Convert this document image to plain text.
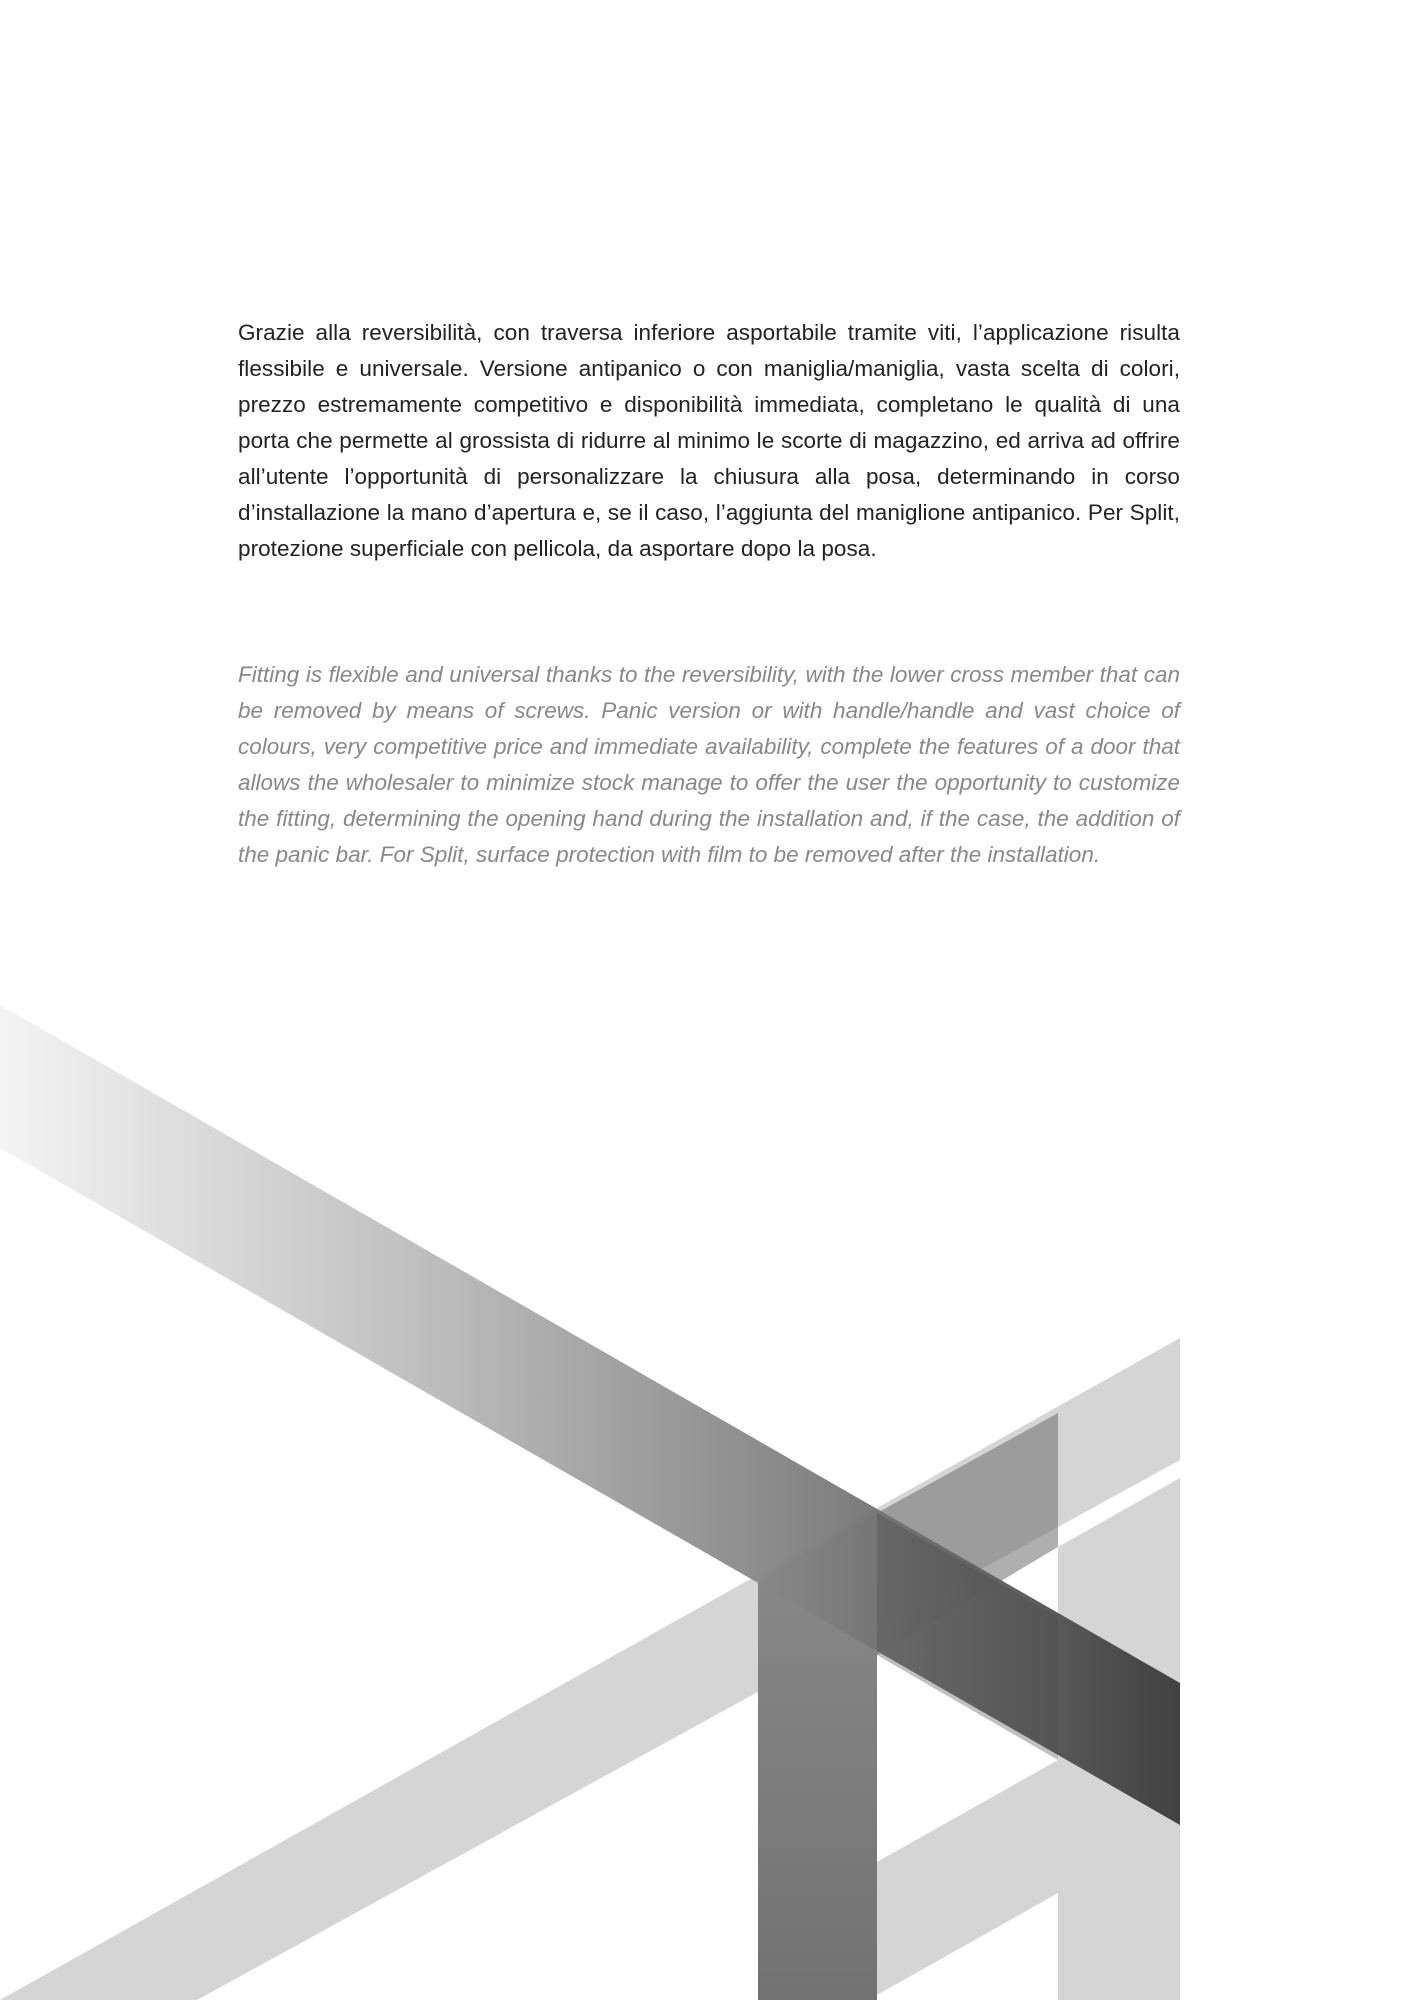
Grazie alla reversibilità, con traversa inferiore asportabile tramite viti, l’applicazione risulta flessibile e universale. Versione antipanico o con maniglia/maniglia, vasta scelta di colori, prezzo estremamente competitivo e disponibilità immediata, completano le qualità di una porta che permette al grossista di ridurre al minimo le scorte di magazzino, ed arriva ad offrire all’utente l’opportunità di personalizzare la chiusura alla posa, determinando in corso d’installazione la mano d’apertura e, se il caso, l’aggiunta del maniglione antipanico. Per Split, protezione superficiale con pellicola, da asportare dopo la posa.

Fitting is flexible and universal thanks to the reversibility, with the lower cross member that can be removed by means of screws. Panic version or with handle/handle and vast choice of colours, very competitive price and immediate availability, complete the features of a door that allows the wholesaler to minimize stock manage to offer the user the opportunity to customize the fitting, determining the opening hand during the installation and, if the case, the addition of the panic bar. For Split, surface protection with film to be removed after the installation.
